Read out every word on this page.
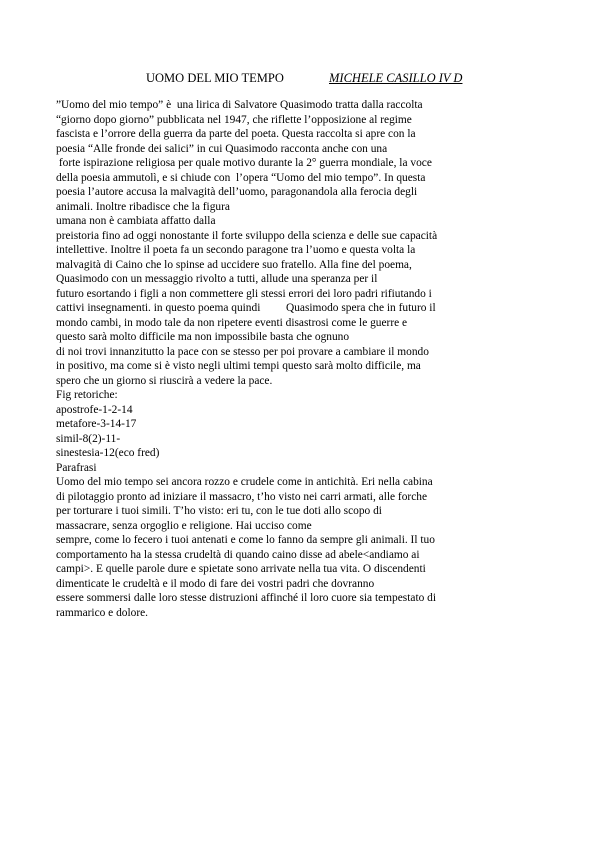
UOMO DEL MIO TEMPO	MICHELE CASILLO IV D
”Uomo del mio tempo” è  una lirica di Salvatore Quasimodo tratta dalla raccolta
“giorno dopo giorno” pubblicata nel 1947, che riflette l’opposizione al regime
fascista e l’orrore della guerra da parte del poeta. Questa raccolta si apre con la
poesia “Alle fronde dei salici” in cui Quasimodo racconta anche con una
forte ispirazione religiosa per quale motivo durante la 2° guerra mondiale, la voce
della poesia ammutolì, e si chiude con  l’opera “Uomo del mio tempo”. In questa
poesia l’autore accusa la malvagità dell’uomo, paragonandola alla ferocia degli
animali. Inoltre ribadisce che la figura
umana non è cambiata affatto dalla
preistoria fino ad oggi nonostante il forte sviluppo della scienza e delle sue capacità
intellettive. Inoltre il poeta fa un secondo paragone tra l’uomo e questa volta la
malvagità di Caino che lo spinse ad uccidere suo fratello. Alla fine del poema,
Quasimodo con un messaggio rivolto a tutti, allude una speranza per il
futuro esortando i figli a non commettere gli stessi errori dei loro padri rifiutando i
cattivi insegnamenti. in questo poema quindi         Quasimodo spera che in futuro il
mondo cambi, in modo tale da non ripetere eventi disastrosi come le guerre e
questo sarà molto difficile ma non impossibile basta che ognuno
di noi trovi innanzitutto la pace con se stesso per poi provare a cambiare il mondo
in positivo, ma come si è visto negli ultimi tempi questo sarà molto difficile, ma
spero che un giorno si riuscirà a vedere la pace.
Fig retoriche:
apostrofe-1-2-14
metafore-3-14-17
simil-8(2)-11-
sinestesia-12(eco fred)
Parafrasi
Uomo del mio tempo sei ancora rozzo e crudele come in antichità. Eri nella cabina
di pilotaggio pronto ad iniziare il massacro, t’ho visto nei carri armati, alle forche
per torturare i tuoi simili. T’ho visto: eri tu, con le tue doti allo scopo di
massacrare, senza orgoglio e religione. Hai ucciso come
sempre, come lo fecero i tuoi antenati e come lo fanno da sempre gli animali. Il tuo
comportamento ha la stessa crudeltà di quando caino disse ad abele<andiamo ai
campi>. E quelle parole dure e spietate sono arrivate nella tua vita. O discendenti
dimenticate le crudeltà e il modo di fare dei vostri padri che dovranno
essere sommersi dalle loro stesse distruzioni affinché il loro cuore sia tempestato di
rammarico e dolore.
